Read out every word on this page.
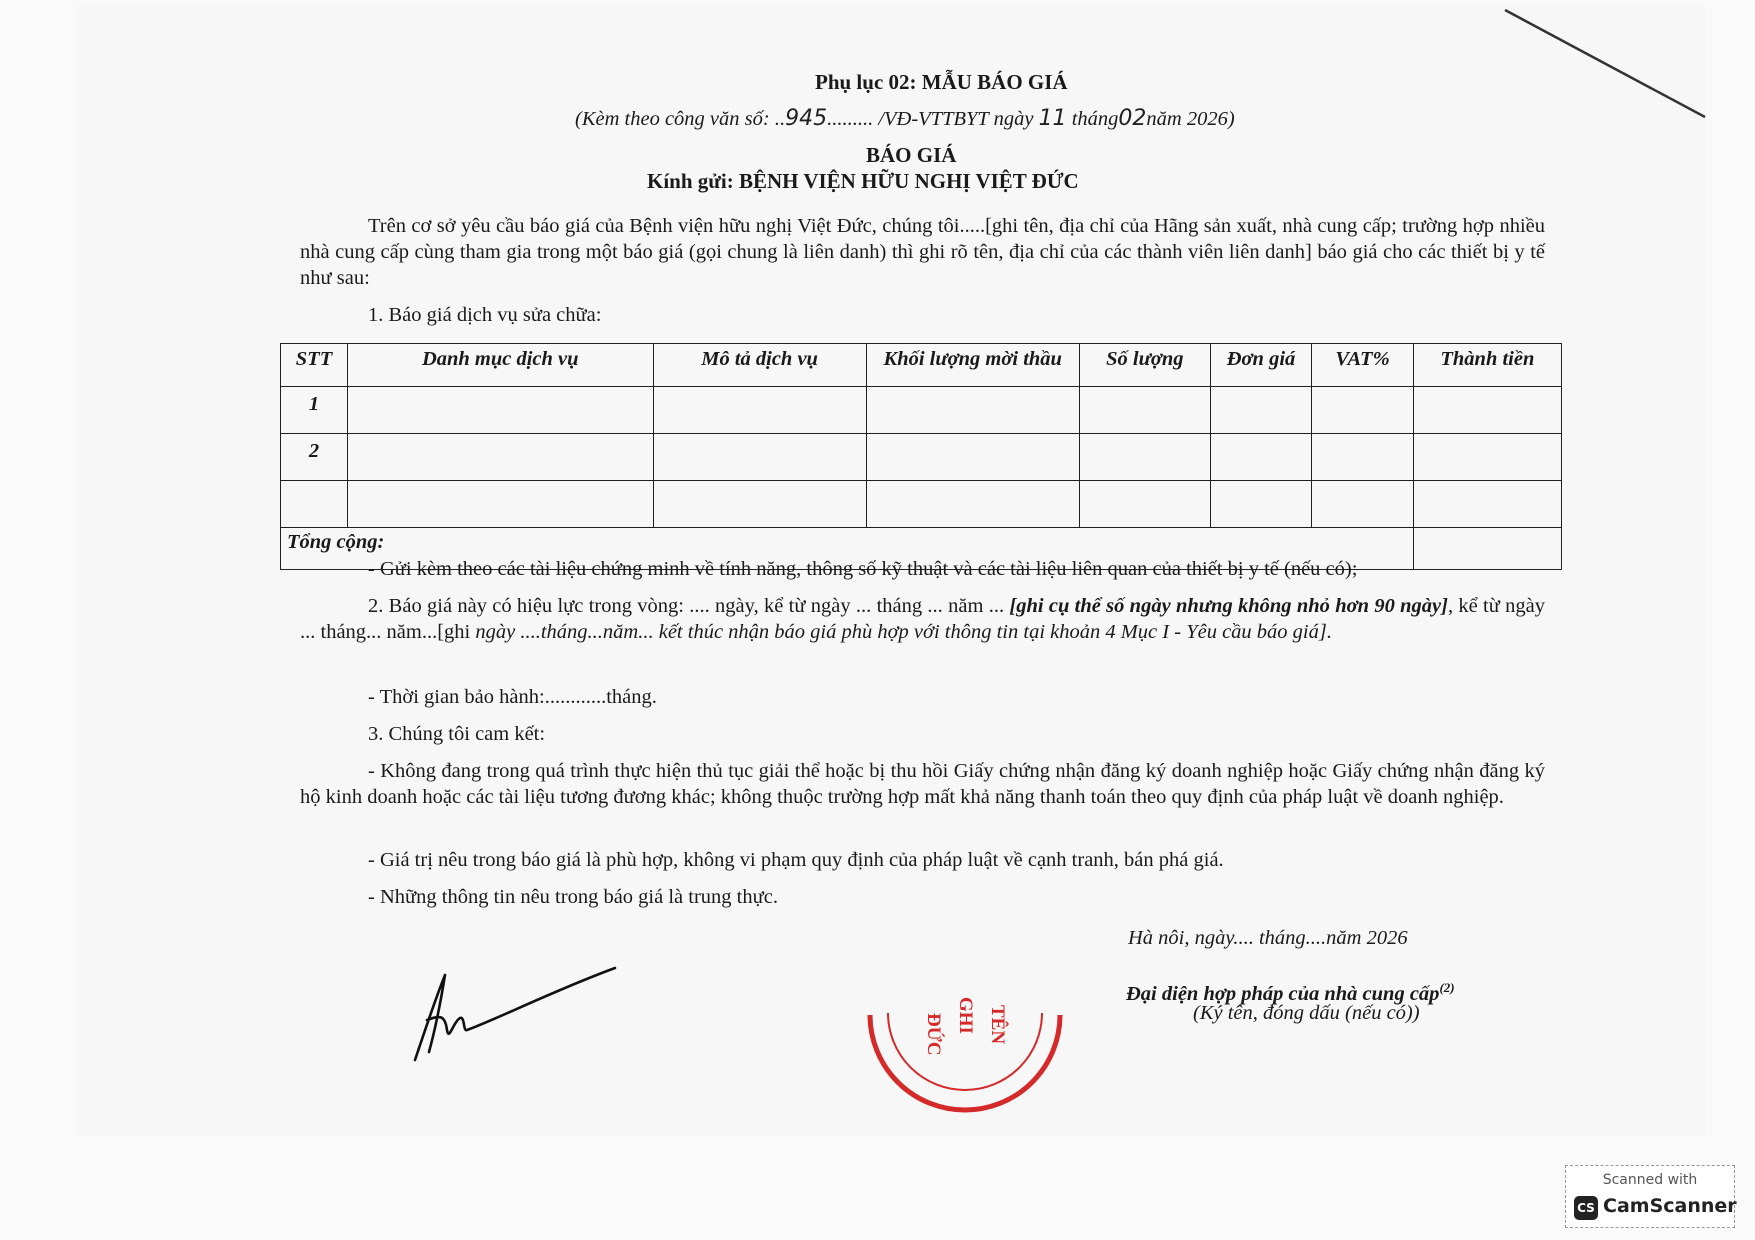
Phụ lục 02: MẪU BÁO GIÁ
(Kèm theo công văn số: ..945......... /VĐ-VTTBYT ngày 11 tháng02năm 2026)
BÁO GIÁ
Kính gửi: BỆNH VIỆN HỮU NGHỊ VIỆT ĐỨC
Trên cơ sở yêu cầu báo giá của Bệnh viện hữu nghị Việt Đức, chúng tôi.....[ghi tên, địa chỉ của Hãng sản xuất, nhà cung cấp; trường hợp nhiều nhà cung cấp cùng tham gia trong một báo giá (gọi chung là liên danh) thì ghi rõ tên, địa chỉ của các thành viên liên danh] báo giá cho các thiết bị y tế như sau:
1. Báo giá dịch vụ sửa chữa:
STT	Danh mục dịch vụ	Mô tả dịch vụ	Khối lượng mời thầu	Số lượng	Đơn giá	VAT%	Thành tiền
1							
2							

Tổng cộng:							
- Gửi kèm theo các tài liệu chứng minh về tính năng, thông số kỹ thuật và các tài liệu liên quan của thiết bị y tế (nếu có);
2. Báo giá này có hiệu lực trong vòng: .... ngày, kể từ ngày ... tháng ... năm ... [ghi cụ thể số ngày nhưng không nhỏ hơn 90 ngày], kể từ ngày ... tháng... năm...[ghi ngày ....tháng...năm... kết thúc nhận báo giá phù hợp với thông tin tại khoản 4 Mục I - Yêu cầu báo giá].
- Thời gian bảo hành:............tháng.
3. Chúng tôi cam kết:
- Không đang trong quá trình thực hiện thủ tục giải thể hoặc bị thu hồi Giấy chứng nhận đăng ký doanh nghiệp hoặc Giấy chứng nhận đăng ký hộ kinh doanh hoặc các tài liệu tương đương khác; không thuộc trường hợp mất khả năng thanh toán theo quy định của pháp luật về doanh nghiệp.
- Giá trị nêu trong báo giá là phù hợp, không vi phạm quy định của pháp luật về cạnh tranh, bán phá giá.
- Những thông tin nêu trong báo giá là trung thực.
Hà nôi, ngày.... tháng....năm 2026
Đại diện hợp pháp của nhà cung cấp$^{(2)}$
(Ký tên, đóng dấu (nếu có))
ĐỨC GHI TÊN
Scanned with
CS CamScanner
